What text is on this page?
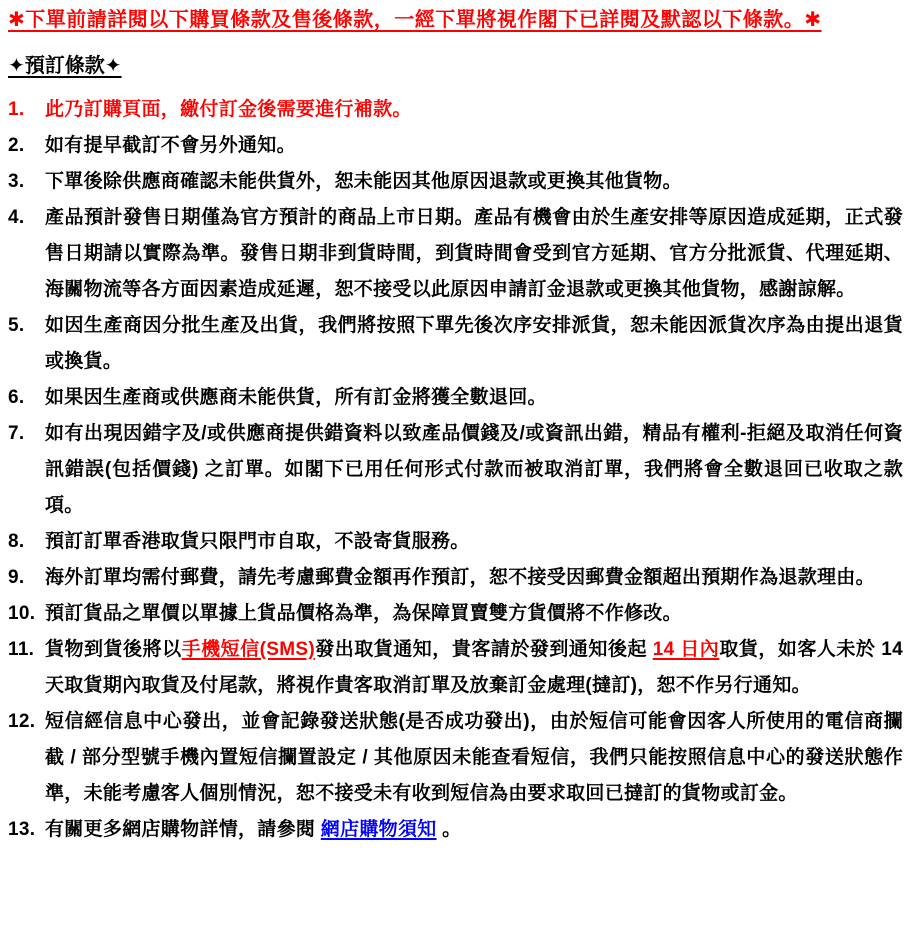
✱下單前請詳閱以下購買條款及售後條款，一經下單將視作閣下已詳閱及默認以下條款。✱
✦預訂條款✦
1.	此乃訂購頁面，繳付訂金後需要進行補款。
2.	如有提早截訂不會另外通知。
3.	下單後除供應商確認未能供貨外，恕未能因其他原因退款或更換其他貨物。
4.	產品預計發售日期僅為官方預計的商品上市日期。產品有機會由於生產安排等原因造成延期，正式發售日期請以實際為準。發售日期非到貨時間，到貨時間會受到官方延期、官方分批派貨、代理延期、海關物流等各方面因素造成延遲，恕不接受以此原因申請訂金退款或更換其他貨物，感謝諒解。
5.	如因生產商因分批生產及出貨，我們將按照下單先後次序安排派貨，恕未能因派貨次序為由提出退貨或換貨。
6.	如果因生產商或供應商未能供貨，所有訂金將獲全數退回。
7.	如有出現因錯字及/或供應商提供錯資料以致產品價錢及/或資訊出錯，精品有權利-拒絕及取消任何資訊錯誤(包括價錢) 之訂單。如閣下已用任何形式付款而被取消訂單，我們將會全數退回已收取之款項。
8.	預訂訂單香港取貨只限門市自取，不設寄貨服務。
9.	海外訂單均需付郵費，請先考慮郵費金額再作預訂，恕不接受因郵費金額超出預期作為退款理由。
10. 預訂貨品之單價以單據上貨品價格為準，為保障買賣雙方貨價將不作修改。
11. 貨物到貨後將以手機短信(SMS)發出取貨通知，貴客請於發到通知後起 14 日內取貨，如客人未於 14 天取貨期內取貨及付尾款，將視作貴客取消訂單及放棄訂金處理(撻訂)，恕不作另行通知。
12. 短信經信息中心發出，並會記錄發送狀態(是否成功發出)，由於短信可能會因客人所使用的電信商攔截 / 部分型號手機內置短信攔置設定 / 其他原因未能查看短信，我們只能按照信息中心的發送狀態作準，未能考慮客人個別情況，恕不接受未有收到短信為由要求取回已撻訂的貨物或訂金。
13. 有關更多網店購物詳情，請參閱 網店購物須知 。
